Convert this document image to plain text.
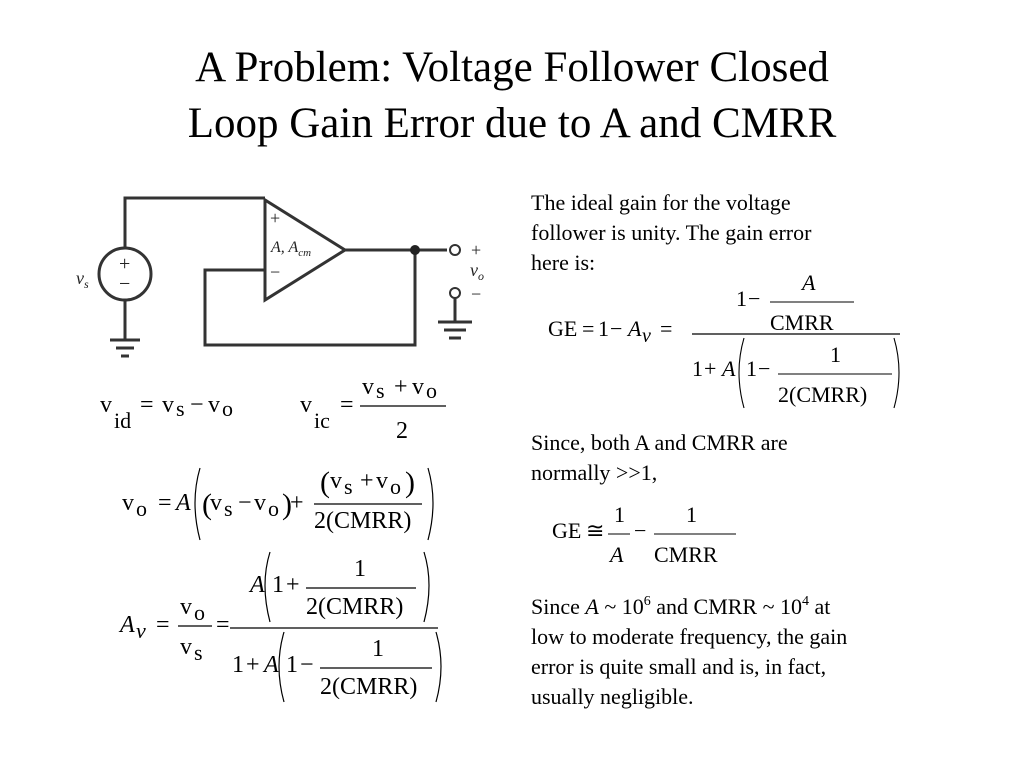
A Problem: Voltage Follower Closed
Loop Gain Error due to A and CMRR
+
−
+
−
A, $A_{cm}$
$v_s$
+
$v_o$
−
v
id
= v s − v o	v
ic
=
v s + v o
2
v o = A (
v s − v o )
+
( v s + v o )
2(CMRR)
A v =
v o
v s
=
A 1 +
1
2(CMRR)
1 + A 1 −
1
2(CMRR)
The ideal gain for the voltage
follower is unity. The gain error
here is:
GE = 1 − A v =
1 −
A
CMRR
1 + A 1 −
1
2(CMRR)
Since, both A and CMRR are
normally >>1,
GE ≅
1
A
−
1
CMRR
Since A ~ $10^6$ and CMRR ~ $10^4$ at
low to moderate frequency, the gain
error is quite small and is, in fact,
usually negligible.
